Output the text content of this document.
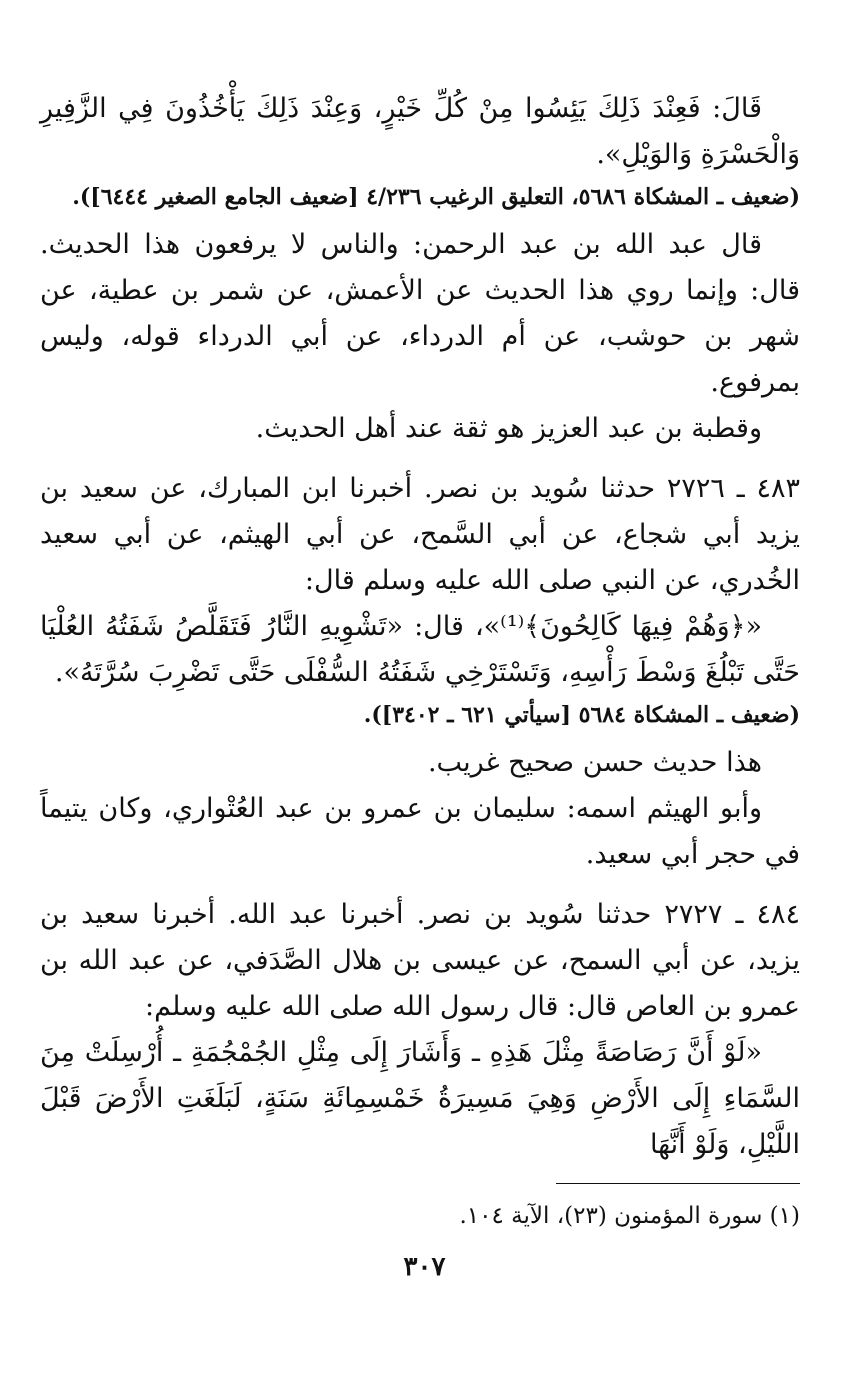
قَالَ: فَعِنْدَ ذَلِكَ يَئِسُوا مِنْ كُلِّ خَيْرٍ، وَعِنْدَ ذَلِكَ يَأْخُذُونَ فِي الزَّفِيرِ وَالْحَسْرَةِ وَالوَيْلِ».

(ضعيف ـ المشكاة ٥٦٨٦، التعليق الرغيب ٤/٢٣٦ [ضعيف الجامع الصغير ٦٤٤٤]).

قال عبد الله بن عبد الرحمن: والناس لا يرفعون هذا الحديث. قال: وإنما روي هذا الحديث عن الأعمش، عن شمر بن عطية، عن شهر بن حوشب، عن أم الدرداء، عن أبي الدرداء قوله، وليس بمرفوع.

وقطبة بن عبد العزيز هو ثقة عند أهل الحديث.

٤٨٣ ـ ٢٧٢٦ حدثنا سُويد بن نصر. أخبرنا ابن المبارك، عن سعيد بن يزيد أبي شجاع، عن أبي السَّمح، عن أبي الهيثم، عن أبي سعيد الخُدري، عن النبي صلى الله عليه وسلم قال:

«﴿وَهُمْ فِيهَا كَالِحُونَ﴾⁽¹⁾»، قال: «تَشْوِيهِ النَّارُ فَتَقَلَّصُ شَفَتُهُ العُلْيَا حَتَّى تَبْلُغَ وَسْطَ رَأْسِهِ، وَتَسْتَرْخِي شَفَتُهُ السُّفْلَى حَتَّى تَضْرِبَ سُرَّتَهُ».

(ضعيف ـ المشكاة ٥٦٨٤ [سيأتي ٦٢١ ـ ٣٤٠٢]).

هذا حديث حسن صحيح غريب.

وأبو الهيثم اسمه: سليمان بن عمرو بن عبد العُتْواري، وكان يتيماً في حجر أبي سعيد.

٤٨٤ ـ ٢٧٢٧ حدثنا سُويد بن نصر. أخبرنا عبد الله. أخبرنا سعيد بن يزيد، عن أبي السمح، عن عيسى بن هلال الصَّدَفي، عن عبد الله بن عمرو بن العاص قال: قال رسول الله صلى الله عليه وسلم:

«لَوْ أَنَّ رَصَاصَةً مِثْلَ هَذِهِ ـ وَأَشَارَ إِلَى مِثْلِ الجُمْجُمَةِ ـ أُرْسِلَتْ مِنَ السَّمَاءِ إِلَى الأَرْضِ وَهِيَ مَسِيرَةُ خَمْسِمِائَةِ سَنَةٍ، لَبَلَغَتِ الأَرْضَ قَبْلَ اللَّيْلِ، وَلَوْ أَنَّهَا

(١) سورة المؤمنون (٢٣)، الآية ١٠٤.
٣٠٧
